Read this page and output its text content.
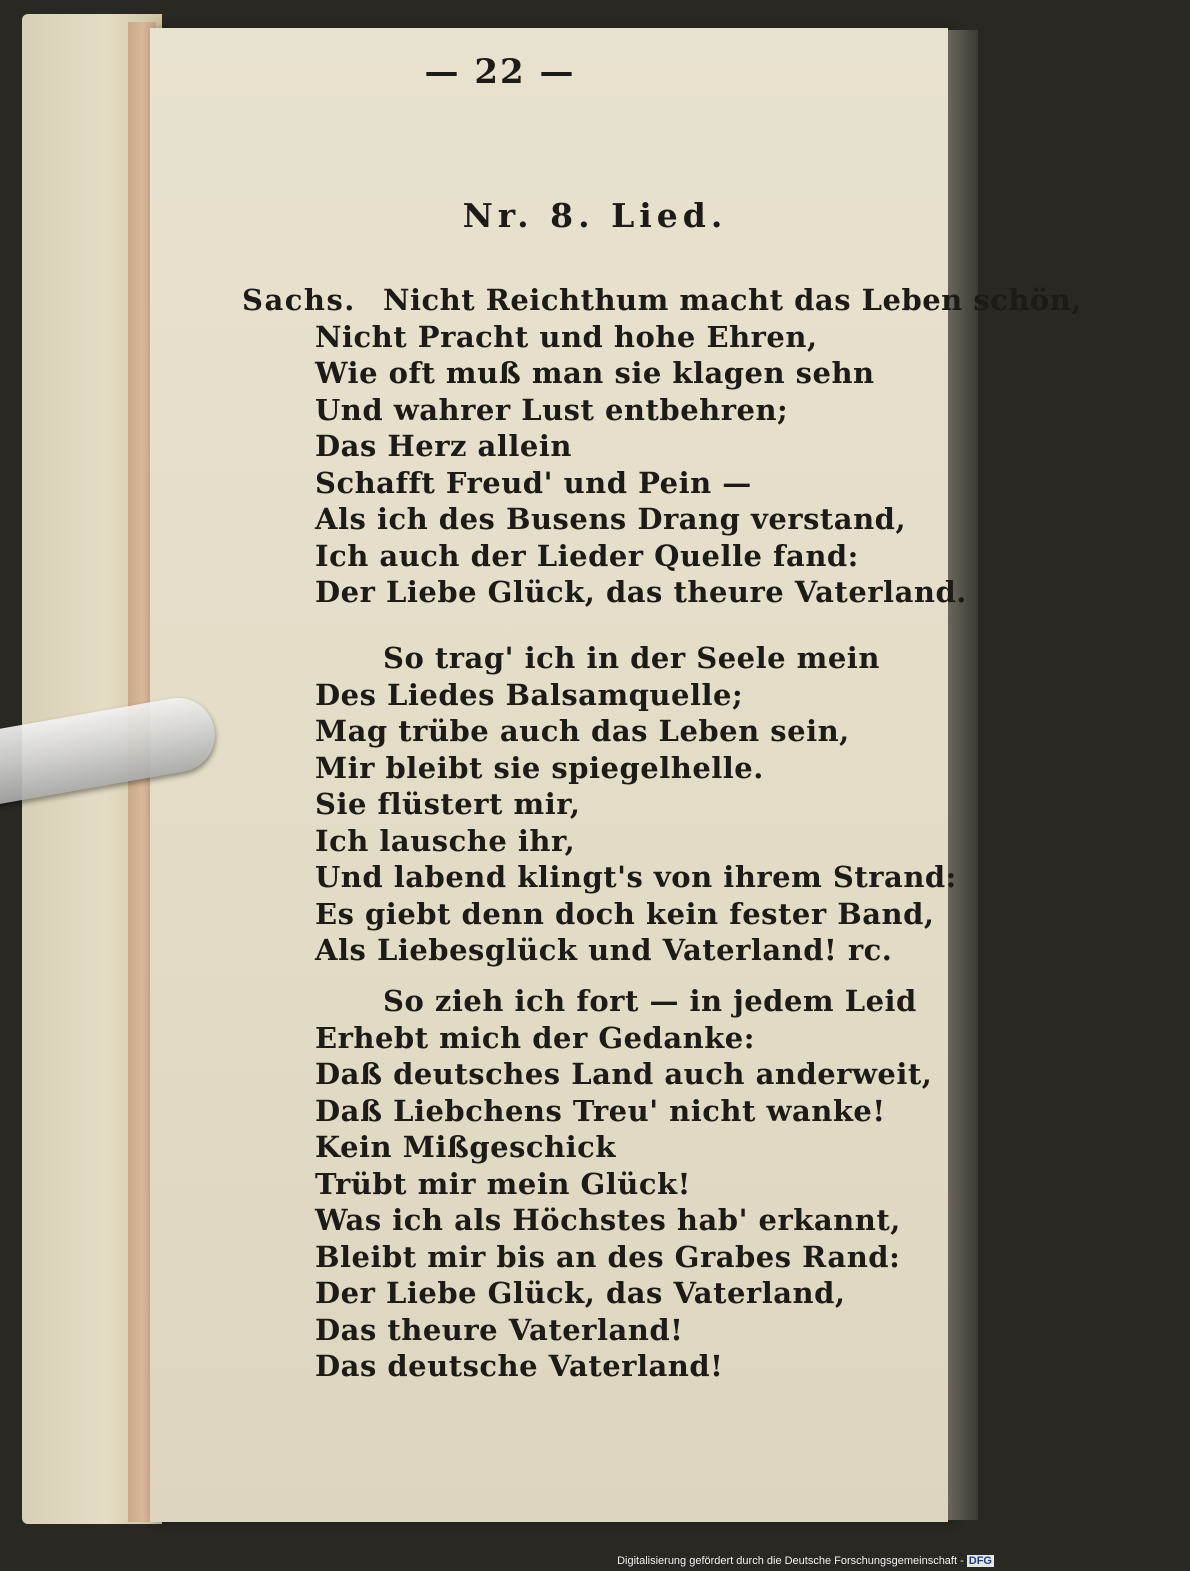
— 22 —
Nr. 8. Lied.
Sachs. Nicht Reichthum macht das Leben schön,
Nicht Pracht und hohe Ehren,
Wie oft muß man sie klagen sehn
Und wahrer Lust entbehren;
Das Herz allein
Schafft Freud' und Pein —
Als ich des Busens Drang verstand,
Ich auch der Lieder Quelle fand:
Der Liebe Glück, das theure Vaterland.
So trag' ich in der Seele mein
Des Liedes Balsamquelle;
Mag trübe auch das Leben sein,
Mir bleibt sie spiegelhelle.
Sie flüstert mir,
Ich lausche ihr,
Und labend klingt's von ihrem Strand:
Es giebt denn doch kein fester Band,
Als Liebesglück und Vaterland! rc.
So zieh ich fort — in jedem Leid
Erhebt mich der Gedanke:
Daß deutsches Land auch anderweit,
Daß Liebchens Treu' nicht wanke!
Kein Mißgeschick
Trübt mir mein Glück!
Was ich als Höchstes hab' erkannt,
Bleibt mir bis an des Grabes Rand:
Der Liebe Glück, das Vaterland,
Das theure Vaterland!
Das deutsche Vaterland!
Digitalisierung gefördert durch die Deutsche Forschungsgemeinschaft - DFG
